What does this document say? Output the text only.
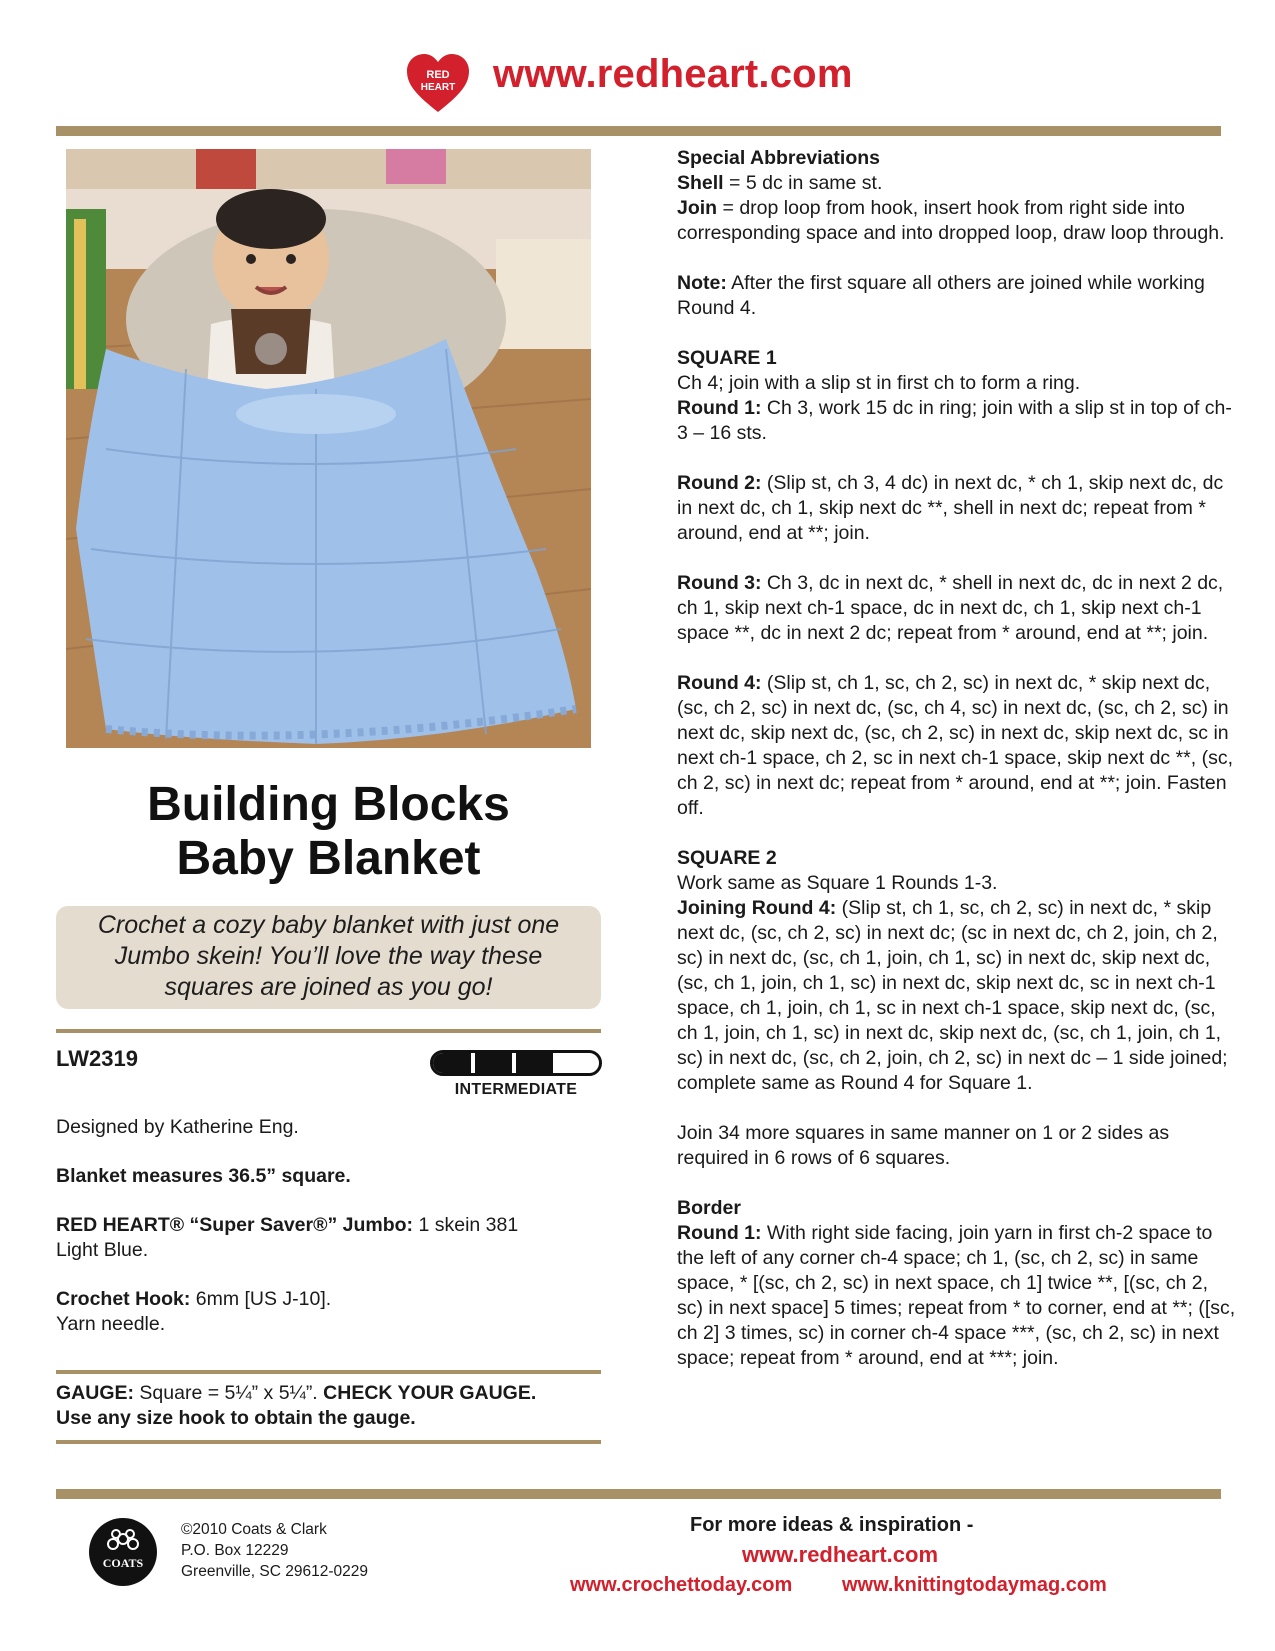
RED
HEART www.redheart.com
Building Blocks
Baby Blanket
Crochet a cozy baby blanket with just one
Jumbo skein! You’ll love the way these
squares are joined as you go!
LW2319
INTERMEDIATE
Designed by Katherine Eng.
Blanket measures 36.5” square.
RED HEART® “Super Saver®” Jumbo: 1 skein 381
Light Blue.
Crochet Hook: 6mm [US J-10].
Yarn needle.
GAUGE: Square = 5¼” x 5¼”. CHECK YOUR GAUGE.
Use any size hook to obtain the gauge.

Special Abbreviations
Shell = 5 dc in same st.
Join = drop loop from hook, insert hook from right side into corresponding space and into dropped loop, draw loop through.

Note: After the first square all others are joined while working Round 4.

SQUARE 1
Ch 4; join with a slip st in first ch to form a ring.
Round 1: Ch 3, work 15 dc in ring; join with a slip st in top of ch-3 – 16 sts.

Round 2: (Slip st, ch 3, 4 dc) in next dc, * ch 1, skip next dc, dc in next dc, ch 1, skip next dc **, shell in next dc; repeat from * around, end at **; join.

Round 3: Ch 3, dc in next dc, * shell in next dc, dc in next 2 dc, ch 1, skip next ch-1 space, dc in next dc, ch 1, skip next ch-1 space **, dc in next 2 dc; repeat from * around, end at **; join.

Round 4: (Slip st, ch 1, sc, ch 2, sc) in next dc, * skip next dc, (sc, ch 2, sc) in next dc, (sc, ch 4, sc) in next dc, (sc, ch 2, sc) in next dc, skip next dc, (sc, ch 2, sc) in next dc, skip next dc, sc in next ch-1 space, ch 2, sc in next ch-1 space, skip next dc **, (sc, ch 2, sc) in next dc; repeat from * around, end at **; join. Fasten off.

SQUARE 2
Work same as Square 1 Rounds 1-3.
Joining Round 4: (Slip st, ch 1, sc, ch 2, sc) in next dc, * skip next dc, (sc, ch 2, sc) in next dc; (sc in next dc, ch 2, join, ch 2, sc) in next dc, (sc, ch 1, join, ch 1, sc) in next dc, skip next dc, (sc, ch 1, join, ch 1, sc) in next dc, skip next dc, sc in next ch-1 space, ch 1, join, ch 1, sc in next ch-1 space, skip next dc, (sc, ch 1, join, ch 1, sc) in next dc, skip next dc, (sc, ch 1, join, ch 1, sc) in next dc, (sc, ch 2, join, ch 2, sc) in next dc – 1 side joined; complete same as Round 4 for Square 1.

Join 34 more squares in same manner on 1 or 2 sides as required in 6 rows of 6 squares.

Border
Round 1: With right side facing, join yarn in first ch-2 space to the left of any corner ch-4 space; ch 1, (sc, ch 2, sc) in same space, * [(sc, ch 2, sc) in next space, ch 1] twice **, [(sc, ch 2, sc) in next space] 5 times; repeat from * to corner, end at **; ([sc, ch 2] 3 times, sc) in corner ch-4 space ***, (sc, ch 2, sc) in next space; repeat from * around, end at ***; join.

COATS
©2010 Coats & Clark
P.O. Box 12229
Greenville, SC 29612-0229
For more ideas & inspiration -
www.redheart.com
www.crochettoday.com www.knittingtodaymag.com
